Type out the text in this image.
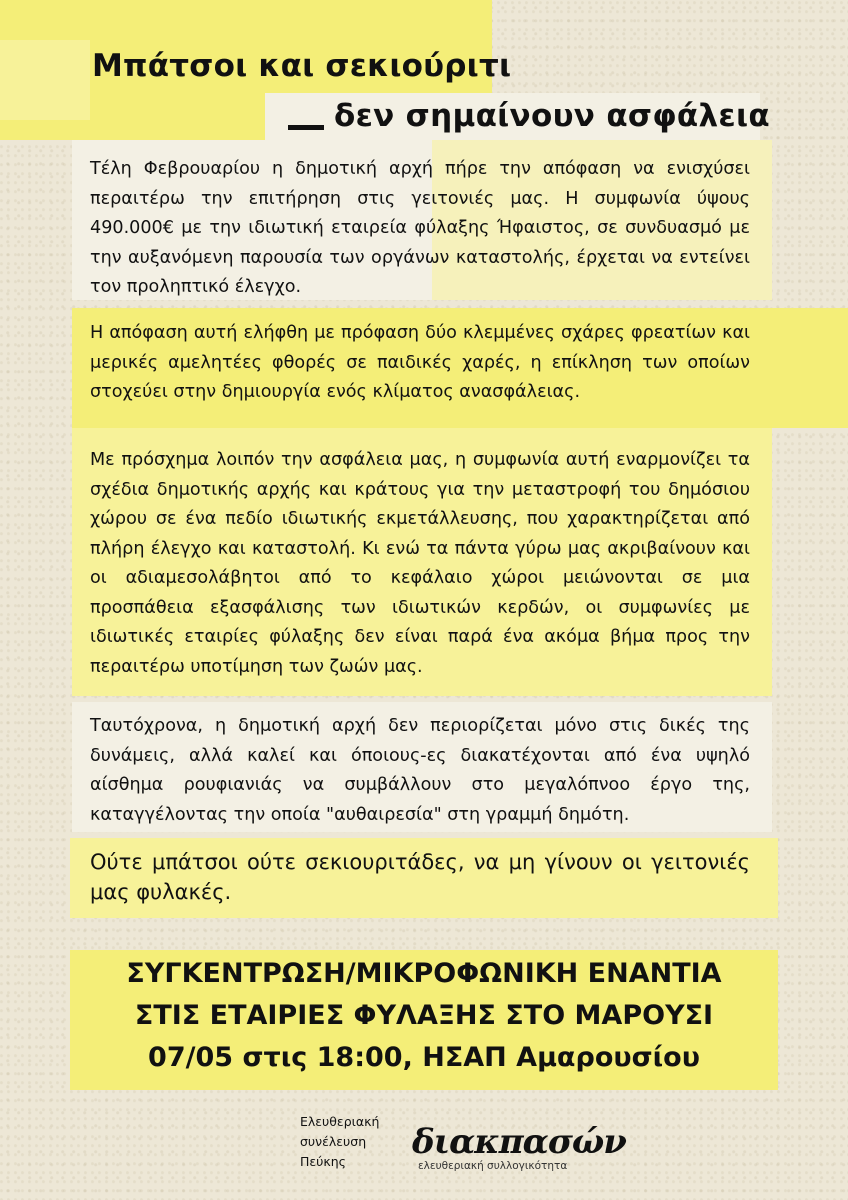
Μπάτσοι και σεκιούριτι
δεν σημαίνουν ασφάλεια

Τέλη Φεβρουαρίου η δημοτική αρχή πήρε την απόφαση να ενισχύσει περαιτέρω την επιτήρηση στις γειτονιές μας. Η συμφωνία ύψους 490.000€ με την ιδιωτική εταιρεία φύλαξης Ήφαιστος, σε συνδυασμό με την αυξανόμενη παρουσία των οργάνων καταστολής, έρχεται να εντείνει τον προληπτικό έλεγχο.

Η απόφαση αυτή ελήφθη με πρόφαση δύο κλεμμένες σχάρες φρεατίων και μερικές αμελητέες φθορές σε παιδικές χαρές, η επίκληση των οποίων στοχεύει στην δημιουργία ενός κλίματος ανασφάλειας.

Με πρόσχημα λοιπόν την ασφάλεια μας, η συμφωνία αυτή εναρμονίζει τα σχέδια δημοτικής αρχής και κράτους για την μεταστροφή του δημόσιου χώρου σε ένα πεδίο ιδιωτικής εκμετάλλευσης, που χαρακτηρίζεται από πλήρη έλεγχο και καταστολή. Κι ενώ τα πάντα γύρω μας ακριβαίνουν και οι αδιαμεσολάβητοι από το κεφάλαιο χώροι μειώνονται σε μια προσπάθεια εξασφάλισης των ιδιωτικών κερδών, οι συμφωνίες με ιδιωτικές εταιρίες φύλαξης δεν είναι παρά ένα ακόμα βήμα προς την περαιτέρω υποτίμηση των ζωών μας.

Ταυτόχρονα, η δημοτική αρχή δεν περιορίζεται μόνο στις δικές της δυνάμεις, αλλά καλεί και όποιους-ες διακατέχονται από ένα υψηλό αίσθημα ρουφιανιάς να συμβάλλουν στο μεγαλόπνοο έργο της, καταγγέλοντας την οποία "αυθαιρεσία" στη γραμμή δημότη.

Ούτε μπάτσοι ούτε σεκιουριτάδες, να μη γίνουν οι γειτονιές μας φυλακές.

ΣΥΓΚΕΝΤΡΩΣΗ/ΜΙΚΡΟΦΩΝΙΚΗ ΕΝΑΝΤΙΑ

ΣΤΙΣ ΕΤΑΙΡΙΕΣ ΦΥΛΑΞΗΣ ΣΤΟ ΜΑΡΟΥΣΙ

07/05 στις 18:00, ΗΣΑΠ Αμαρουσίου

Ελευθεριακή
συνέλευση
Πεύκης	διακπασών
ελευθεριακή συλλογικότητα
